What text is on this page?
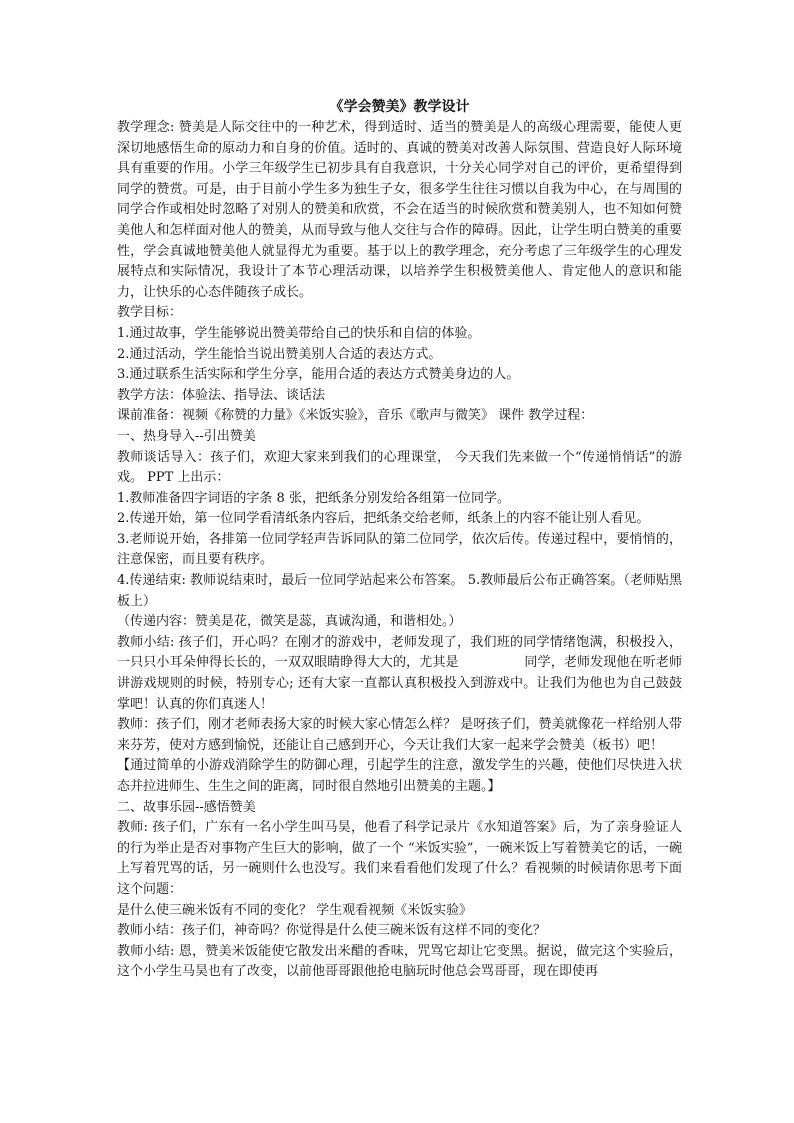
《学会赞美》教学设计

教学理念: 赞美是人际交往中的一种艺术，得到适时、适当的赞美是人的高级心理需要，能使人更深切地感悟生命的原动力和自身的价值。适时的、真诚的赞美对改善人际氛围、营造良好人际环境具有重要的作用。小学三年级学生已初步具有自我意识，十分关心同学对自己的评价，更希望得到同学的赞赏。可是，由于目前小学生多为独生子女，很多学生往往习惯以自我为中心，在与周围的同学合作或相处时忽略了对别人的赞美和欣赏，不会在适当的时候欣赏和赞美别人，也不知如何赞美他人和怎样面对他人的赞美，从而导致与他人交往与合作的障碍。因此，让学生明白赞美的重要性，学会真诚地赞美他人就显得尤为重要。基于以上的教学理念，充分考虑了三年级学生的心理发展特点和实际情况，我设计了本节心理活动课，以培养学生积极赞美他人、肯定他人的意识和能力，让快乐的心态伴随孩子成长。

教学目标：

1.通过故事，学生能够说出赞美带给自己的快乐和自信的体验。

2.通过活动，学生能恰当说出赞美别人合适的表达方式。

3.通过联系生活实际和学生分享，能用合适的表达方式赞美身边的人。

教学方法：体验法、指导法、谈话法

课前准备：视频《称赞的力量》《米饭实验》，音乐《歌声与微笑》 课件 教学过程：

一、热身导入--引出赞美

教师谈话导入：孩子们，欢迎大家来到我们的心理课堂， 今天我们先来做一个“传递悄悄话”的游戏。 PPT 上出示：

1.教师准备四字词语的字条 8 张，把纸条分别发给各组第一位同学。

2.传递开始，第一位同学看清纸条内容后，把纸条交给老师，纸条上的内容不能让别人看见。

3.老师说开始，各排第一位同学轻声告诉同队的第二位同学，依次后传。传递过程中，要悄悄的，注意保密，而且要有秩序。

4.传递结束: 教师说结束时，最后一位同学站起来公布答案。 5.教师最后公布正确答案。（老师贴黑板上）

（传递内容：赞美是花，微笑是蕊，真诚沟通，和谐相处。）

教师小结: 孩子们，开心吗？在刚才的游戏中，老师发现了，我们班的同学情绪饱满，积极投入，一只只小耳朵伸得长长的，一双双眼睛睁得大大的，尤其是　　　　　同学，老师发现他在听老师讲游戏规则的时候，特别专心; 还有大家一直都认真积极投入到游戏中。让我们为他也为自己鼓鼓掌吧！认真的你们真迷人！

教师：孩子们，刚才老师表扬大家的时候大家心情怎么样？ 是呀孩子们，赞美就像花一样给别人带来芬芳，使对方感到愉悦，还能让自己感到开心，今天让我们大家一起来学会赞美（板书）吧！

【通过简单的小游戏消除学生的防御心理，引起学生的注意，激发学生的兴趣，使他们尽快进入状态并拉进师生、生生之间的距离，同时很自然地引出赞美的主题。】

二、故事乐园--感悟赞美

教师: 孩子们，广东有一名小学生叫马昊，他看了科学记录片《水知道答案》后，为了亲身验证人的行为举止是否对事物产生巨大的影响，做了一个 “米饭实验”，一碗米饭上写着赞美它的话，一碗上写着咒骂的话，另一碗则什么也没写。我们来看看他们发现了什么？看视频的时候请你思考下面这个问题：

是什么使三碗米饭有不同的变化？ 学生观看视频《米饭实验》

教师小结：孩子们，神奇吗？你觉得是什么使三碗米饭有这样不同的变化？

教师小结: 恩，赞美米饭能使它散发出米醋的香味，咒骂它却让它变黑。据说，做完这个实验后，这个小学生马昊也有了改变，以前他哥哥跟他抢电脑玩时他总会骂哥哥，现在即使再
